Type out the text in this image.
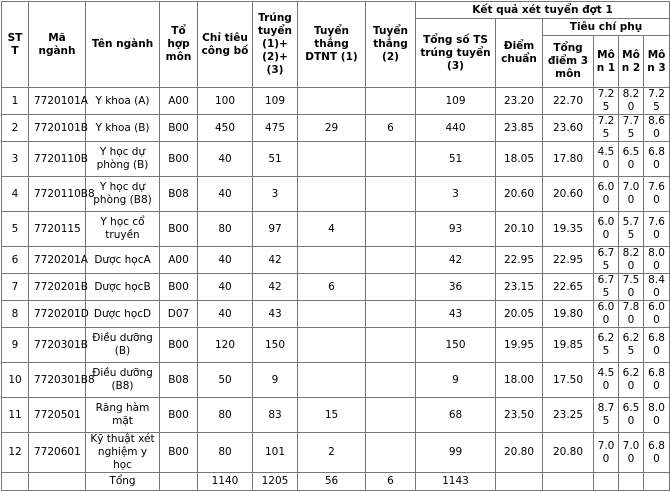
STT	Mã ngành	Tên ngành	Tổ hợp môn	Chỉ tiêu công bố	Trúng tuyển (1)+(2)+(3)	Tuyển thẳng DTNT (1)	Tuyển thẳng (2)	Kết quả xét tuyển đợt 1					
								Tổng số TS trúng tuyển (3)	Điểm chuẩn	Tiêu chí phụ			
										Tổng điểm 3 môn	Môn 1	Môn 2	Môn 3
1	7720101A	Y khoa (A)	A00	100	109			109	23.20	22.70	7.25	8.20	7.25
2	7720101B	Y khoa (B)	B00	450	475	29	6	440	23.85	23.60	7.25	7.75	8.60
3	7720110B	Y học dự phòng (B)	B00	40	51			51	18.05	17.80	4.50	6.50	6.80
4	7720110B8	Y học dự phòng (B8)	B08	40	3			3	20.60	20.60	6.00	7.00	7.60
5	7720115	Y học cổ truyền	B00	80	97	4		93	20.10	19.35	6.00	5.75	7.60
6	7720201A	Dược họcA	A00	40	42			42	22.95	22.95	6.75	8.20	8.00
7	7720201B	Dược họcB	B00	40	42	6		36	23.15	22.65	6.75	7.50	8.40
8	7720201D	Dược họcD	D07	40	43			43	20.05	19.80	6.00	7.80	6.00
9	7720301B	Điều dưỡng (B)	B00	120	150			150	19.95	19.85	6.25	6.25	6.80
10	7720301B8	Điều dưỡng (B8)	B08	50	9			9	18.00	17.50	4.50	6.20	6.80
11	7720501	Răng hàm mặt	B00	80	83	15		68	23.50	23.25	8.75	6.50	8.00
12	7720601	Kỹ thuật xét nghiệm y học	B00	80	101	2		99	20.80	20.80	7.00	7.00	6.80
		Tổng		1140	1205	56	6	1143					
